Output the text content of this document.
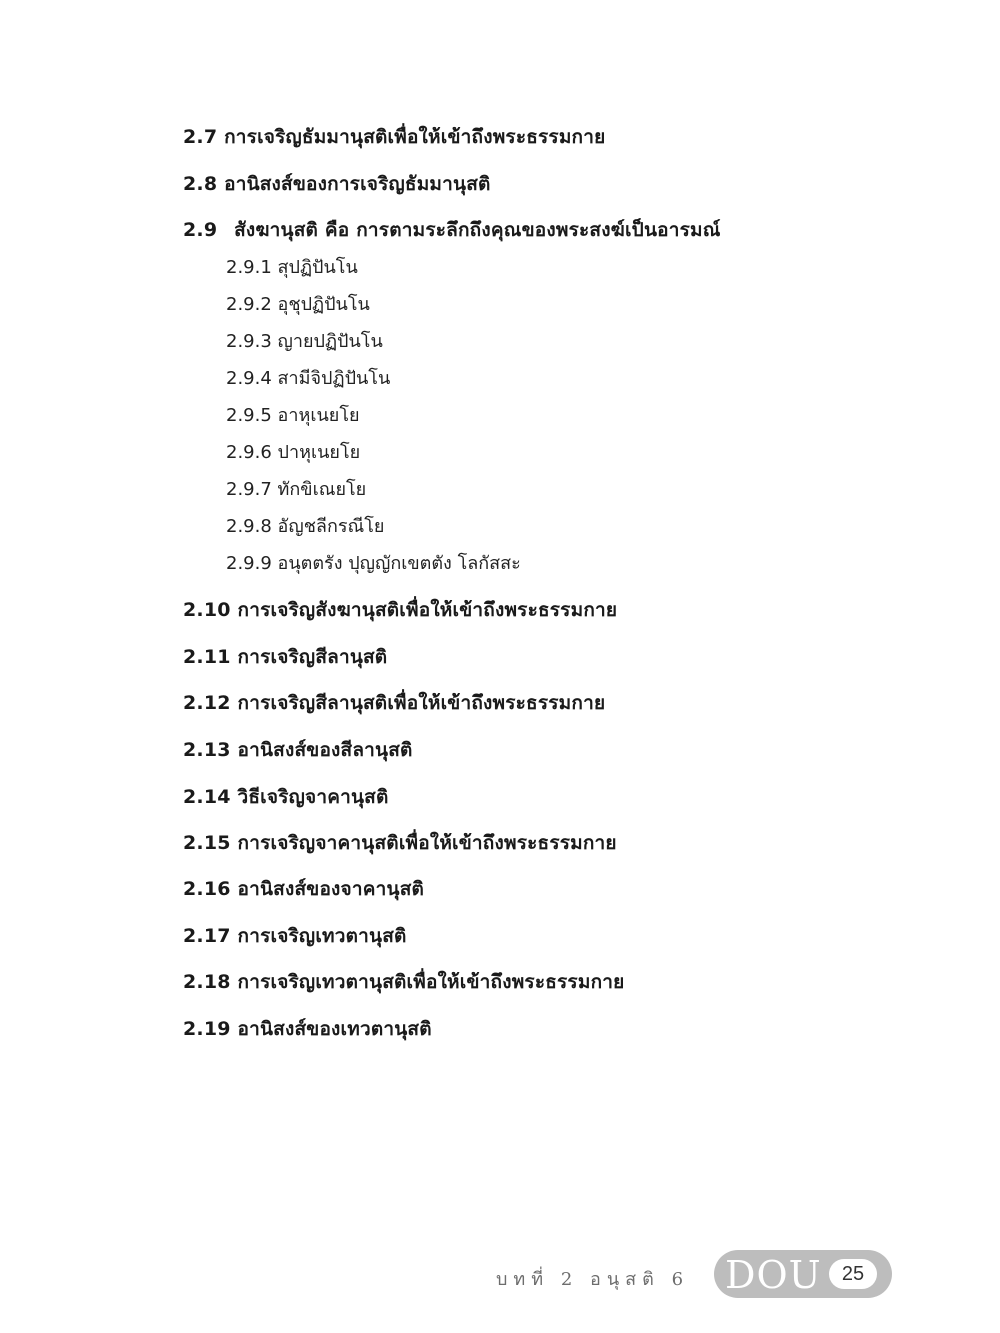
2.7 การเจริญธัมมานุสติเพื่อให้เข้าถึงพระธรรมกาย
2.8 อานิสงส์ของการเจริญธัมมานุสติ
2.9 สังฆานุสติ คือ การตามระลึกถึงคุณของพระสงฆ์เป็นอารมณ์
2.9.1 สุปฏิปันโน
2.9.2 อุชุปฏิปันโน
2.9.3 ญายปฏิปันโน
2.9.4 สามีจิปฏิปันโน
2.9.5 อาหุเนยโย
2.9.6 ปาหุเนยโย
2.9.7 ทักขิเณยโย
2.9.8 อัญชลีกรณีโย
2.9.9 อนุตตรัง ปุญญักเขตตัง โลกัสสะ
2.10 การเจริญสังฆานุสติเพื่อให้เข้าถึงพระธรรมกาย
2.11 การเจริญสีลานุสติ
2.12 การเจริญสีลานุสติเพื่อให้เข้าถึงพระธรรมกาย
2.13 อานิสงส์ของสีลานุสติ
2.14 วิธีเจริญจาคานุสติ
2.15 การเจริญจาคานุสติเพื่อให้เข้าถึงพระธรรมกาย
2.16 อานิสงส์ของจาคานุสติ
2.17 การเจริญเทวตานุสติ
2.18 การเจริญเทวตานุสติเพื่อให้เข้าถึงพระธรรมกาย
2.19 อานิสงส์ของเทวตานุสติ
บทที่ 2 อนุสติ 6 DOU	25
